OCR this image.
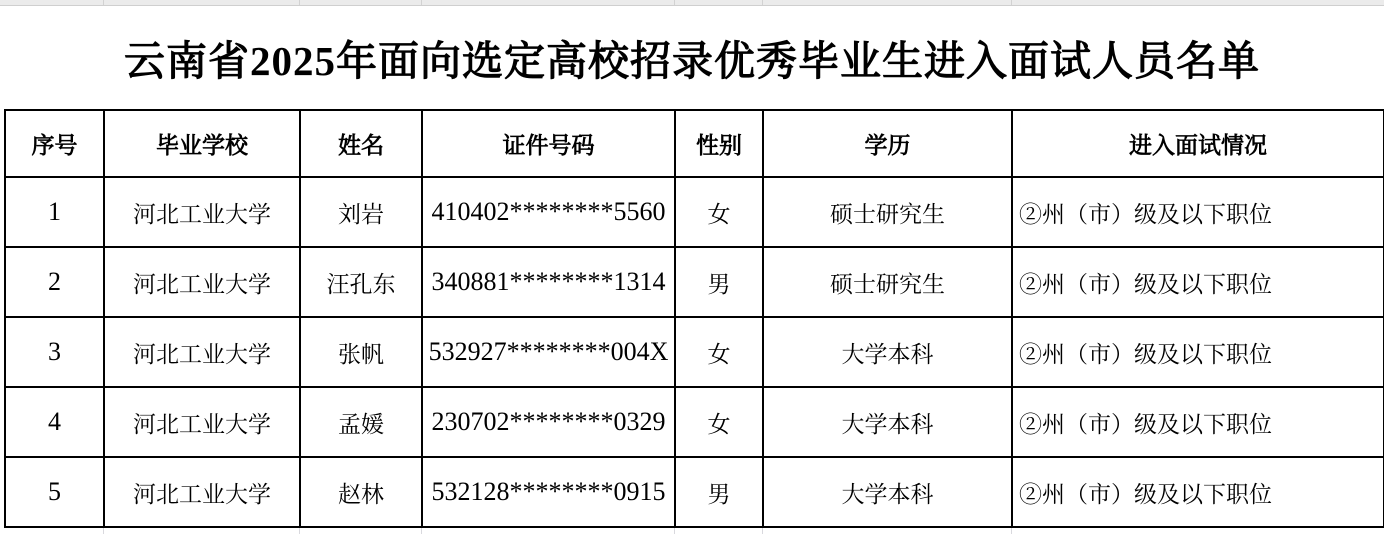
云南省2025年面向选定高校招录优秀毕业生进入面试人员名单
序号	毕业学校	姓名	证件号码	性别	学历	进入面试情况
1	河北工业大学	刘岩	410402********5560	女	硕士研究生	②州（市）级及以下职位
2	河北工业大学	汪孔东	340881********1314	男	硕士研究生	②州（市）级及以下职位
3	河北工业大学	张帆	532927********004X	女	大学本科	②州（市）级及以下职位
4	河北工业大学	孟媛	230702********0329	女	大学本科	②州（市）级及以下职位
5	河北工业大学	赵林	532128********0915	男	大学本科	②州（市）级及以下职位
